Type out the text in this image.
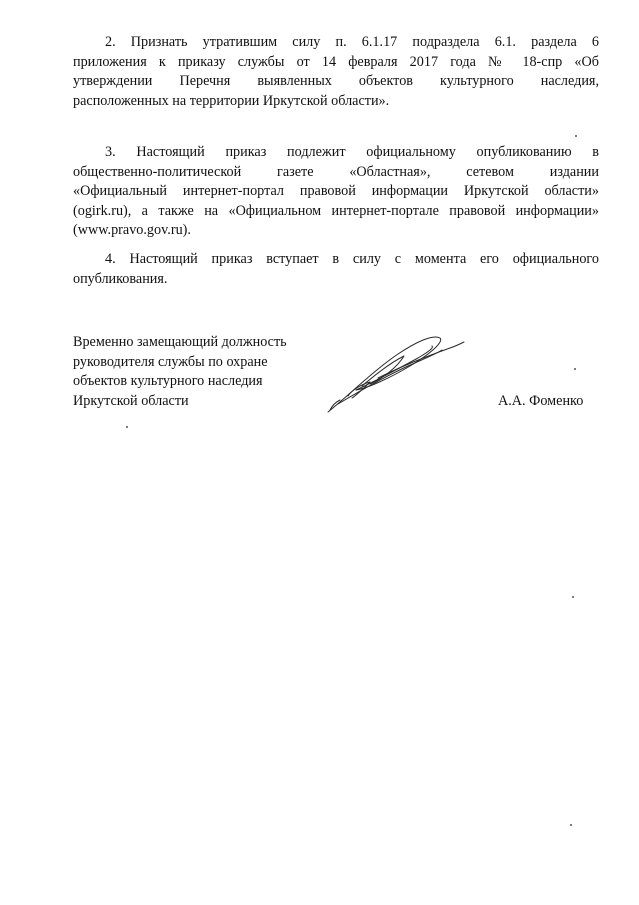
2. Признать утратившим силу п. 6.1.17 подраздела 6.1. раздела 6
приложения к приказу службы от 14 февраля 2017 года № 18-спр «Об
утверждении Перечня выявленных объектов культурного наследия,
расположенных на территории Иркутской области».

3. Настоящий приказ подлежит официальному опубликованию в
общественно-политической газете «Областная», сетевом издании
«Официальный интернет-портал правовой информации Иркутской области»
(ogirk.ru), а также на «Официальном интернет-портале правовой информации»
(www.pravo.gov.ru).

4. Настоящий приказ вступает в силу с момента его официального
опубликования.

Временно замещающий должность
руководителя службы по охране
объектов культурного наследия
Иркутской области	А.А. Фоменко
